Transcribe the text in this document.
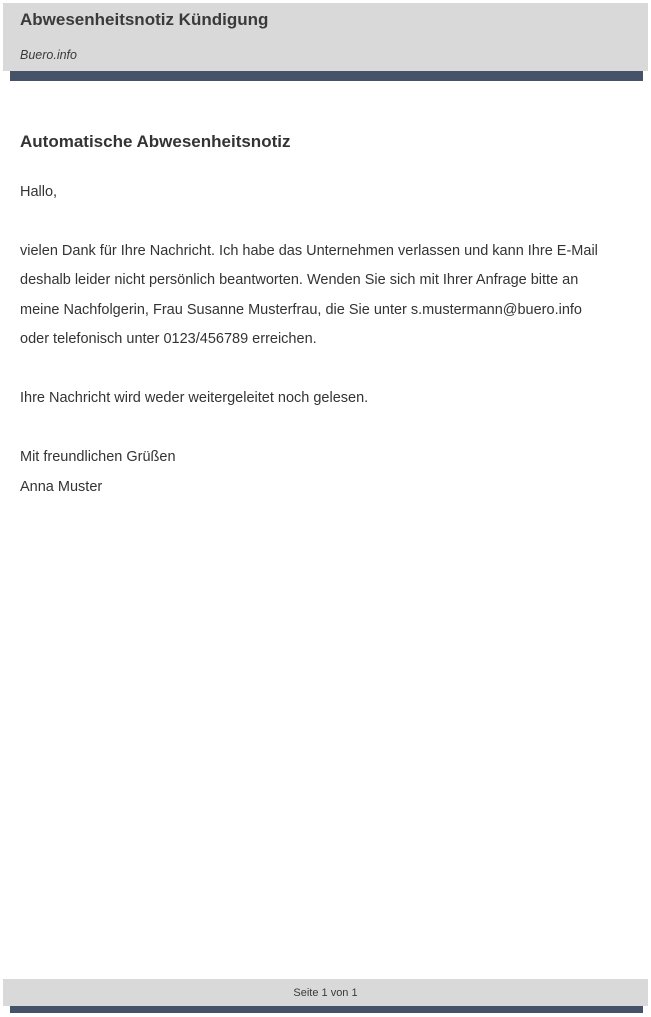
Abwesenheitsnotiz Kündigung
Buero.info
Automatische Abwesenheitsnotiz
Hallo,
vielen Dank für Ihre Nachricht. Ich habe das Unternehmen verlassen und kann Ihre E-Mail
deshalb leider nicht persönlich beantworten. Wenden Sie sich mit Ihrer Anfrage bitte an
meine Nachfolgerin, Frau Susanne Musterfrau, die Sie unter s.mustermann@buero.info
oder telefonisch unter 0123/456789 erreichen.
Ihre Nachricht wird weder weitergeleitet noch gelesen.
Mit freundlichen Grüßen
Anna Muster
Seite 1 von 1
